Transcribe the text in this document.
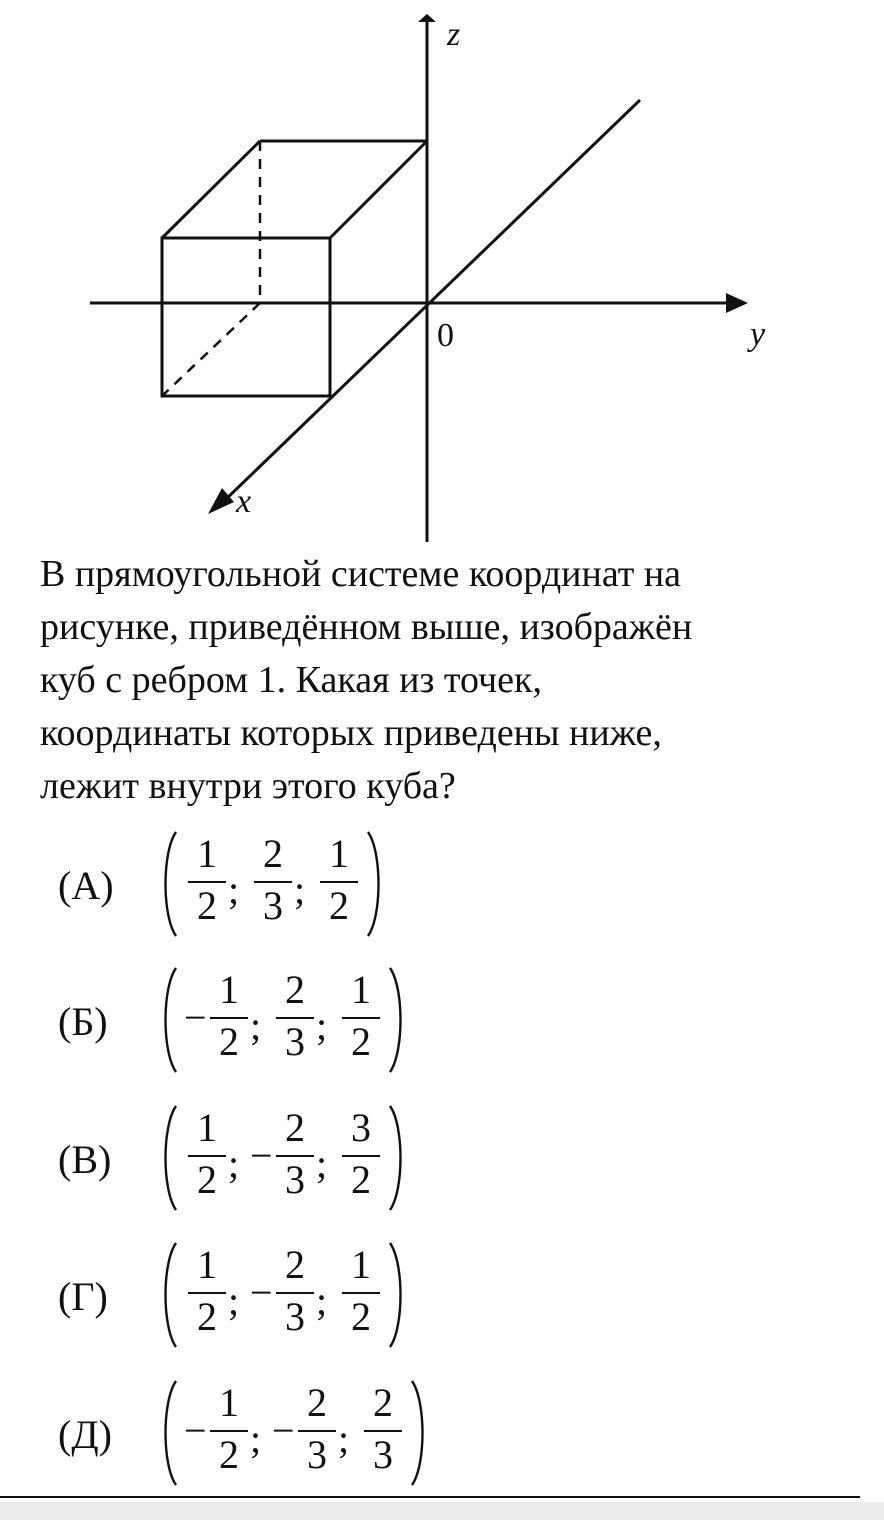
z
y
x
0
В прямоугольной системе координат на
рисунке, приведённом выше, изображён
куб с ребром 1. Какая из точек,
координаты которых приведены ниже,
лежит внутри этого куба?
(А)
1
2 ;
2
3 ;
1
2
(Б) −
1
2 ;
2
3 ;
1
2
(В)
1
2 ; −
2
3 ;
3
2
(Г)
1
2 ; −
2
3 ;
1
2
(Д) −
1
2 ; −
2
3 ;
2
3
